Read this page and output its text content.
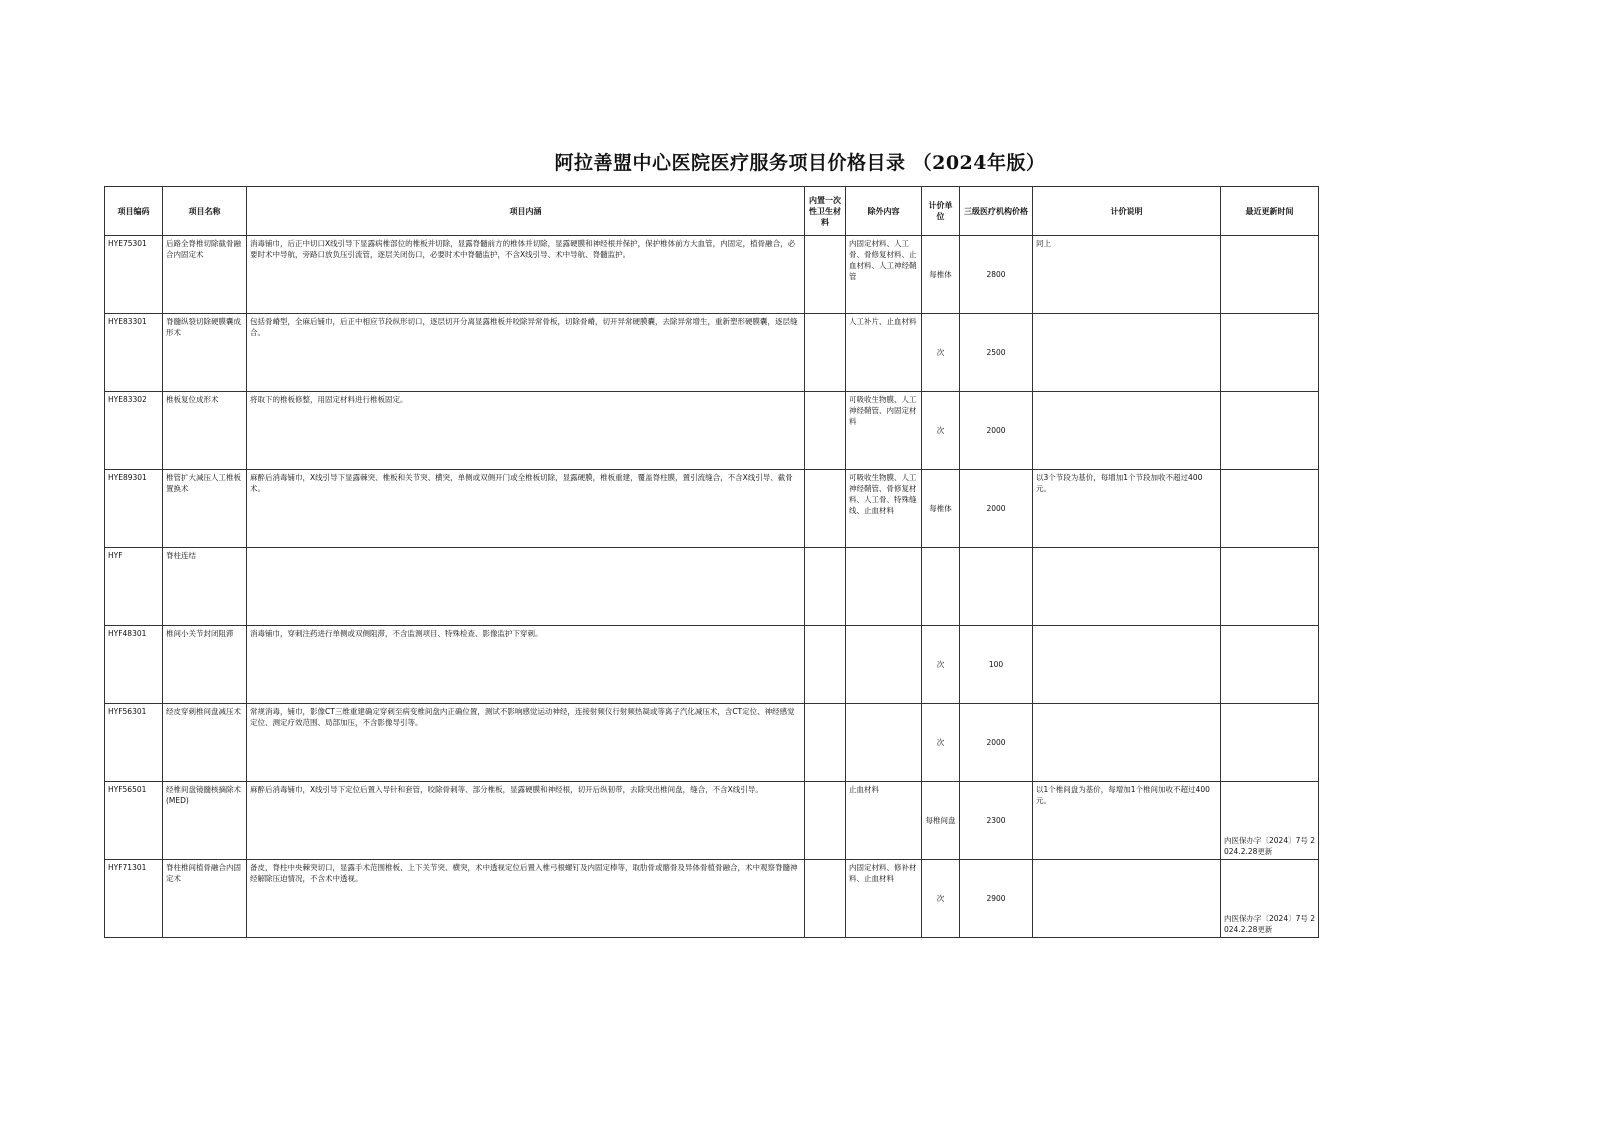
阿拉善盟中心医院医疗服务项目价格目录 （2024年版）
项目编码	项目名称	项目内涵	内置一次性卫生材料	除外内容	计价单位	三级医疗机构价格	计价说明	最近更新时间
HYE75301	后路全脊椎切除截骨融合内固定术	消毒铺巾，后正中切口X线引导下显露病椎部位的椎板并切除，显露脊髓前方的椎体并切除，显露硬膜和神经根并保护，保护椎体前方大血管，内固定，植骨融合，必要时术中导航，旁路口放负压引流管，逐层关闭伤口，必要时术中脊髓监护，不含X线引导、术中导航、脊髓监护。		内固定材料、人工骨、骨修复材料、止血材料、人工神经鞘管	每椎体	2800	同上	
HYE83301	脊髓纵裂切除硬膜囊成形术	包括骨嵴型，全麻后铺巾，后正中相应节段纵形切口，逐层切开分离显露椎板并咬除异常骨板，切除骨嵴，切开异常硬膜囊，去除异常增生，重新塑形硬膜囊，逐层缝合。		人工补片、止血材料	次	2500		
HYE83302	椎板复位成形术	将取下的椎板修整，用固定材料进行椎板固定。		可吸收生物膜、人工神经鞘管、内固定材料	次	2000		
HYE89301	椎管扩大减压人工椎板置换术	麻醉后消毒铺巾，X线引导下显露棘突、椎板和关节突、横突，单侧或双侧开门或全椎板切除，显露硬膜，椎板重建，覆盖脊柱膜，置引流缝合，不含X线引导、截骨术。		可吸收生物膜、人工神经鞘管、骨修复材料、人工骨、特殊缝线、止血材料	每椎体	2000	以3个节段为基价，每增加1个节段加收不超过400元。	
HYF	脊柱连结							
HYF48301	椎间小关节封闭阻滞	消毒铺巾，穿刺注药进行单侧或双侧阻滞，不含监测项目、特殊检查、影像监护下穿刺。			次	100		
HYF56301	经皮穿刺椎间盘减压术	常规消毒，铺巾，影像CT三维重建确定穿刺至病变椎间盘内正确位置，测试不影响感觉运动神经，连接射频仪行射频热凝或等离子汽化减压术，含CT定位、神经感觉定位、测定疗效范围、局部加压，不含影像导引等。			次	2000		
HYF56501	经椎间盘镜髓核摘除术(MED)	麻醉后消毒铺巾，X线引导下定位后置入导针和套管，咬除骨刺等、部分椎板，显露硬膜和神经根，切开后纵韧带，去除突出椎间盘，缝合，不含X线引导。		止血材料	每椎间盘	2300	以1个椎间盘为基价，每增加1个椎间加收不超过400元。	内医保办字〔2024〕7号 2024.2.28更新
HYF71301	脊柱椎间植骨融合内固定术	备皮，脊柱中央棘突切口，显露手术范围椎板、上下关节突、横突，术中透视定位后置入椎弓根螺钉及内固定棒等，取肋骨或髂骨及异体骨植骨融合，术中观察脊髓神经解除压迫情况，不含术中透视。		内固定材料、修补材料、止血材料	次	2900		内医保办字〔2024〕7号 2024.2.28更新
